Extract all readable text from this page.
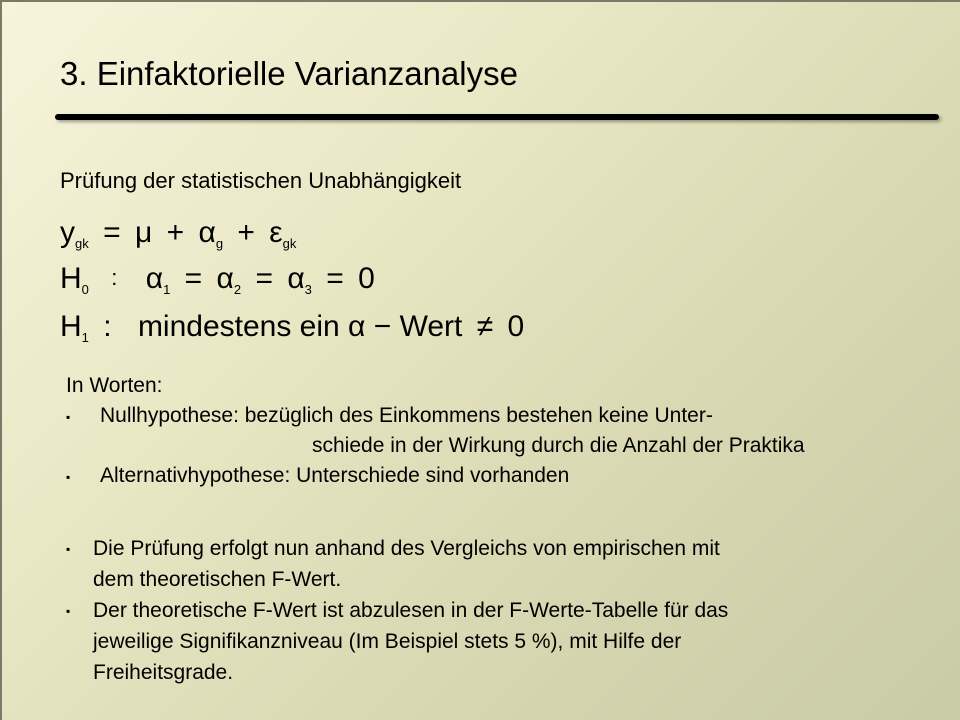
3. Einfaktorielle Varianzanalyse
Prüfung der statistischen Unabhängigkeit
$y_{gk} = \mu + \alpha_g + \varepsilon_{gk}$
$H_0$ : $\alpha_1 = \alpha_2 = \alpha_3 = 0$
$H_1$ : mindestens ein α − Wert ≠ 0
In Worten:
▪ Nullhypothese: bezüglich des Einkommens bestehen keine Unter-
schiede in der Wirkung durch die Anzahl der Praktika
▪ Alternativhypothese: Unterschiede sind vorhanden
▪	Die Prüfung erfolgt nun anhand des Vergleichs von empirischen mit
dem theoretischen F-Wert.
▪	Der theoretische F-Wert ist abzulesen in der F-Werte-Tabelle für das
jeweilige Signifikanzniveau (Im Beispiel stets 5 %), mit Hilfe der
Freiheitsgrade.
